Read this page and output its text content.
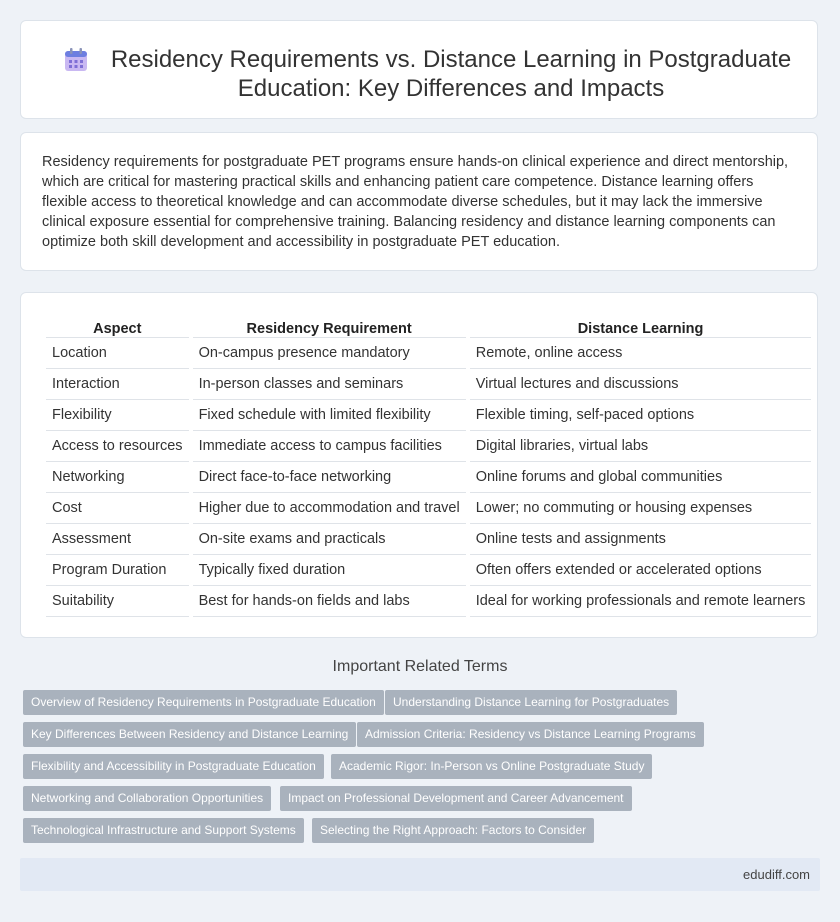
Residency Requirements vs. Distance Learning in Postgraduate Education: Key Differences and Impacts

Residency requirements for postgraduate PET programs ensure hands-on clinical experience and direct mentorship, which are critical for mastering practical skills and enhancing patient care competence. Distance learning offers flexible access to theoretical knowledge and can accommodate diverse schedules, but it may lack the immersive clinical exposure essential for comprehensive training. Balancing residency and distance learning components can optimize both skill development and accessibility in postgraduate PET education.

Aspect	Residency Requirement	Distance Learning
Location	On-campus presence mandatory	Remote, online access
Interaction	In-person classes and seminars	Virtual lectures and discussions
Flexibility	Fixed schedule with limited flexibility	Flexible timing, self-paced options
Access to resources	Immediate access to campus facilities	Digital libraries, virtual labs
Networking	Direct face-to-face networking	Online forums and global communities
Cost	Higher due to accommodation and travel	Lower; no commuting or housing expenses
Assessment	On-site exams and practicals	Online tests and assignments
Program Duration	Typically fixed duration	Often offers extended or accelerated options
Suitability	Best for hands-on fields and labs	Ideal for working professionals and remote learners
Important Related Terms
Overview of Residency Requirements in Postgraduate Education	Understanding Distance Learning for Postgraduates
Key Differences Between Residency and Distance Learning	Admission Criteria: Residency vs Distance Learning Programs
Flexibility and Accessibility in Postgraduate Education	Academic Rigor: In-Person vs Online Postgraduate Study
Networking and Collaboration Opportunities	Impact on Professional Development and Career Advancement
Technological Infrastructure and Support Systems	Selecting the Right Approach: Factors to Consider
edudiff.com
